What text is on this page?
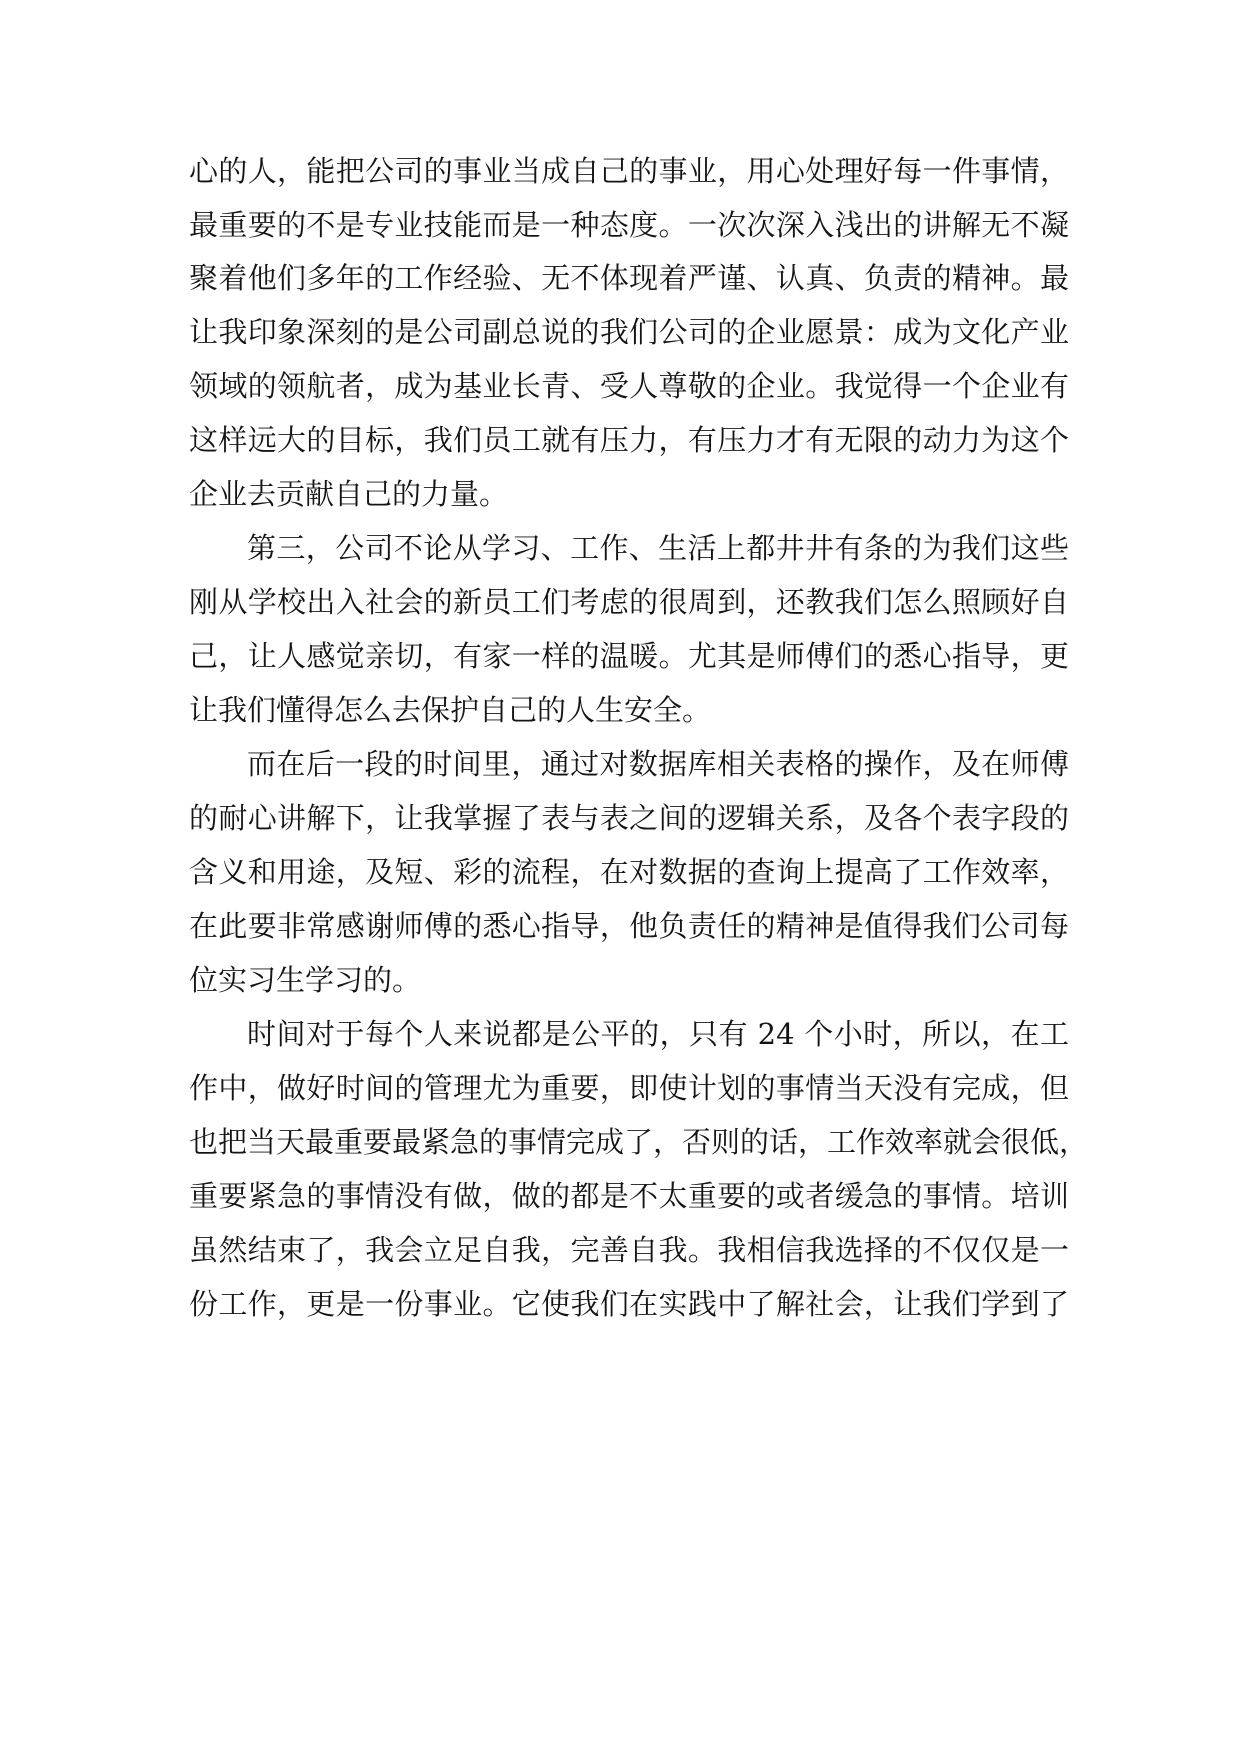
心的人，能把公司的事业当成自己的事业，用心处理好每一件事情，
最重要的不是专业技能而是一种态度。一次次深入浅出的讲解无不凝
聚着他们多年的工作经验、无不体现着严谨、认真、负责的精神。最
让我印象深刻的是公司副总说的我们公司的企业愿景：成为文化产业
领域的领航者，成为基业长青、受人尊敬的企业。我觉得一个企业有
这样远大的目标，我们员工就有压力，有压力才有无限的动力为这个
企业去贡献自己的力量。
第三，公司不论从学习、工作、生活上都井井有条的为我们这些
刚从学校出入社会的新员工们考虑的很周到，还教我们怎么照顾好自
己，让人感觉亲切，有家一样的温暖。尤其是师傅们的悉心指导，更
让我们懂得怎么去保护自己的人生安全。
而在后一段的时间里，通过对数据库相关表格的操作，及在师傅
的耐心讲解下，让我掌握了表与表之间的逻辑关系，及各个表字段的
含义和用途，及短、彩的流程，在对数据的查询上提高了工作效率，
在此要非常感谢师傅的悉心指导，他负责任的精神是值得我们公司每
位实习生学习的。
时间对于每个人来说都是公平的，只有 24 个小时，所以，在工
作中，做好时间的管理尤为重要，即使计划的事情当天没有完成，但
也把当天最重要最紧急的事情完成了，否则的话，工作效率就会很低，
重要紧急的事情没有做，做的都是不太重要的或者缓急的事情。培训
虽然结束了，我会立足自我，完善自我。我相信我选择的不仅仅是一
份工作，更是一份事业。它使我们在实践中了解社会，让我们学到了
